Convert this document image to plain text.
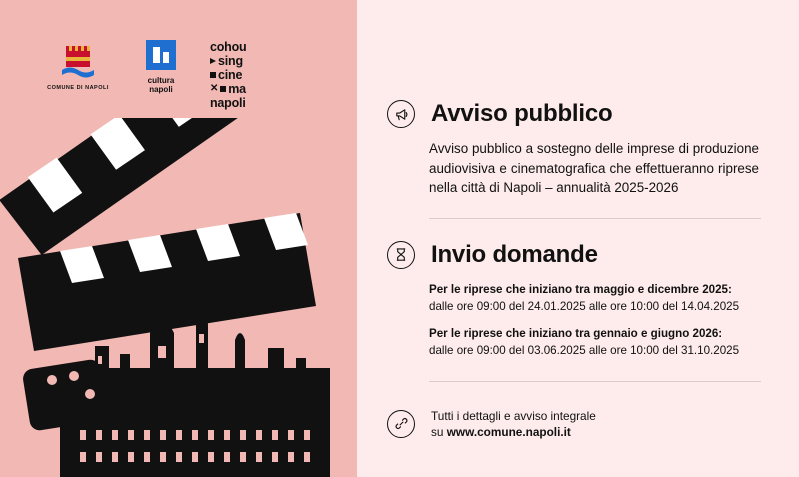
COMUNE DI NAPOLI
cultura
napoli
cohou
sing
cine
✕ ma
napoli	Avviso pubblico

Avviso pubblico a sostegno delle imprese di produzione audiovisiva e cinematografica che effettueranno riprese nella città di Napoli – annualità 2025-2026

Invio domande

Per le riprese che iniziano tra maggio e dicembre 2025:

dalle ore 09:00 del 24.01.2025 alle ore 10:00 del 14.04.2025

Per le riprese che iniziano tra gennaio e giugno 2026:

dalle ore 09:00 del 03.06.2025 alle ore 10:00 del 31.10.2025

Tutti i dettagli e avviso integrale
su www.comune.napoli.it
